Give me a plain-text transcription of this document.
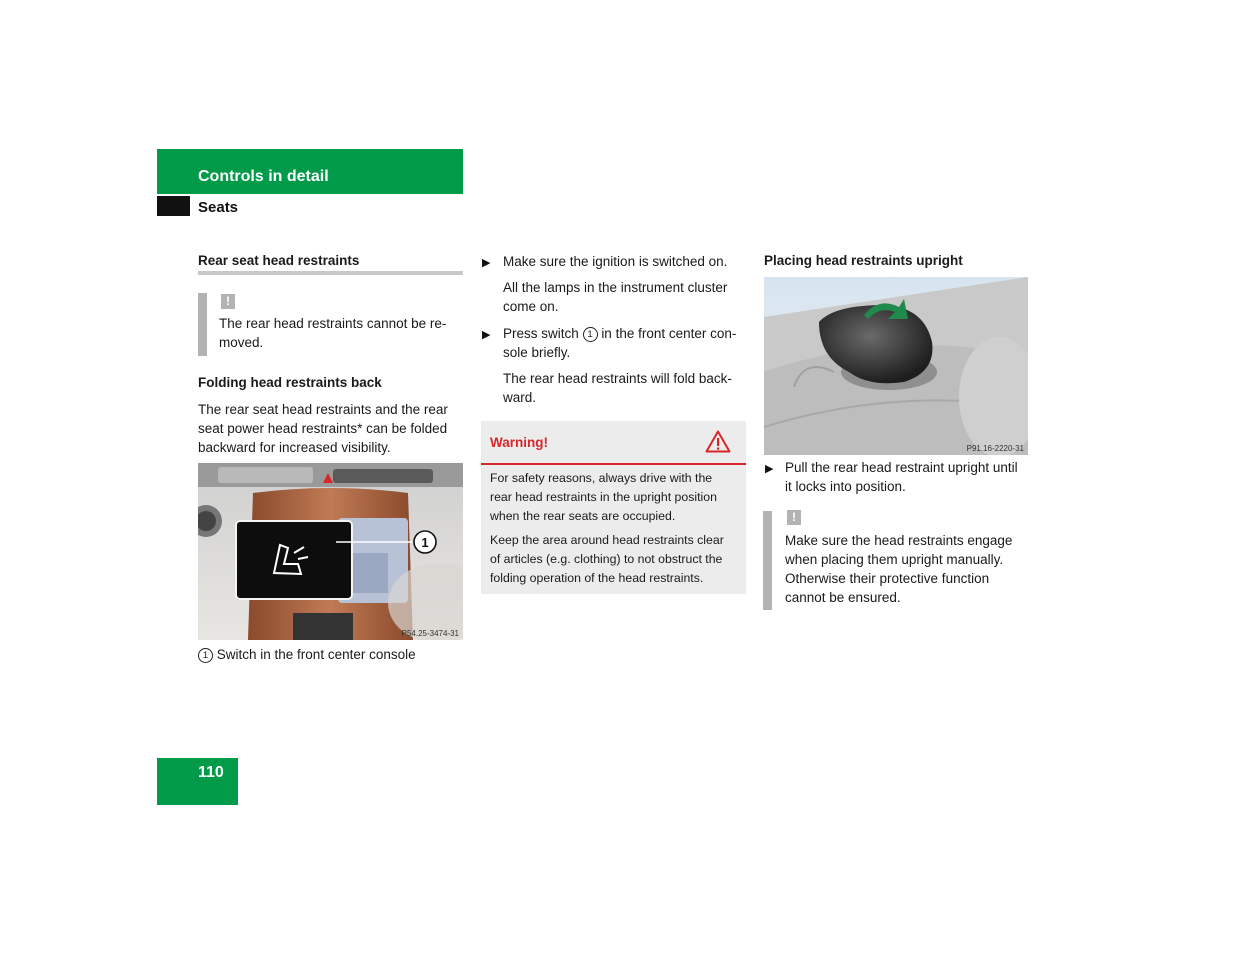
Controls in detail
Seats
Rear seat head restraints
!
The rear head restraints cannot be re-
moved.
Folding head restraints back
The rear seat head restraints and the rear
seat power head restraints* can be folded
backward for increased visibility.
1
P54.25-3474-31
1 Switch in the front center console
▶ Make sure the ignition is switched on.
All the lamps in the instrument cluster
come on.
▶ Press switch 1 in the front center con-
sole briefly.
The rear head restraints will fold back-
ward.
Warning!
For safety reasons, always drive with the
rear head restraints in the upright position
when the rear seats are occupied.
Keep the area around head restraints clear
of articles (e.g. clothing) to not obstruct the
folding operation of the head restraints.
Placing head restraints upright
P91.16-2220-31
▶ Pull the rear head restraint upright until
it locks into position.
!
Make sure the head restraints engage
when placing them upright manually.
Otherwise their protective function
cannot be ensured.
110
